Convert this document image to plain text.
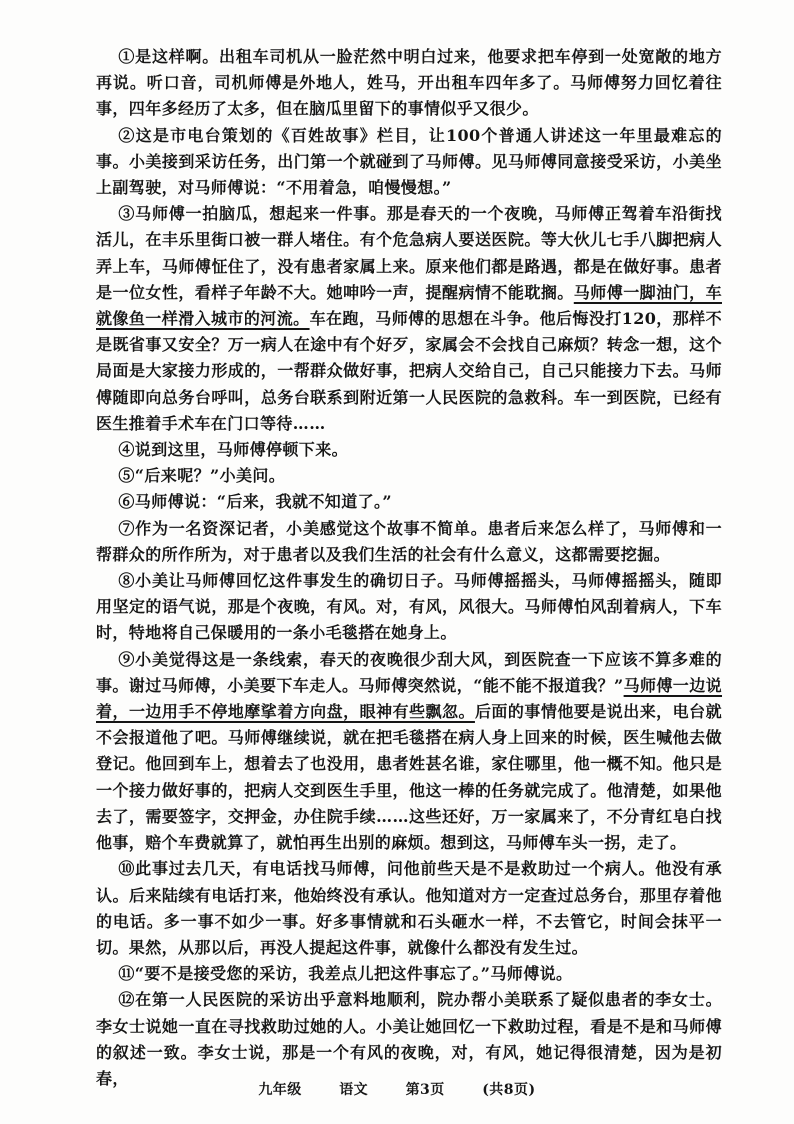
①是这样啊。出租车司机从一脸茫然中明白过来，他要求把车停到一处宽敞的地方再说。听口音，司机师傅是外地人，姓马，开出租车四年多了。马师傅努力回忆着往事，四年多经历了太多，但在脑瓜里留下的事情似乎又很少。

②这是市电台策划的《百姓故事》栏目，让100个普通人讲述这一年里最难忘的事。小美接到采访任务，出门第一个就碰到了马师傅。见马师傅同意接受采访，小美坐上副驾驶，对马师傅说：“不用着急，咱慢慢想。”

③马师傅一拍脑瓜，想起来一件事。那是春天的一个夜晚，马师傅正驾着车沿街找活儿，在丰乐里街口被一群人堵住。有个危急病人要送医院。等大伙儿七手八脚把病人弄上车，马师傅怔住了，没有患者家属上来。原来他们都是路遇，都是在做好事。患者是一位女性，看样子年龄不大。她呻吟一声，提醒病情不能耽搁。马师傅一脚油门，车就像鱼一样滑入城市的河流。车在跑，马师傅的思想在斗争。他后悔没打120，那样不是既省事又安全？万一病人在途中有个好歹，家属会不会找自己麻烦？转念一想，这个局面是大家接力形成的，一帮群众做好事，把病人交给自己，自己只能接力下去。马师傅随即向总务台呼叫，总务台联系到附近第一人民医院的急救科。车一到医院，已经有医生推着手术车在门口等待……

④说到这里，马师傅停顿下来。

⑤“后来呢？”小美问。

⑥马师傅说：“后来，我就不知道了。”

⑦作为一名资深记者，小美感觉这个故事不简单。患者后来怎么样了，马师傅和一帮群众的所作所为，对于患者以及我们生活的社会有什么意义，这都需要挖掘。

⑧小美让马师傅回忆这件事发生的确切日子。马师傅摇摇头，马师傅摇摇头，随即用坚定的语气说，那是个夜晚，有风。对，有风，风很大。马师傅怕风刮着病人，下车时，特地将自己保暖用的一条小毛毯搭在她身上。

⑨小美觉得这是一条线索，春天的夜晚很少刮大风，到医院查一下应该不算多难的事。谢过马师傅，小美要下车走人。马师傅突然说，“能不能不报道我？”马师傅一边说着，一边用手不停地摩挲着方向盘，眼神有些飘忽。后面的事情他要是说出来，电台就不会报道他了吧。马师傅继续说，就在把毛毯搭在病人身上回来的时候，医生喊他去做登记。他回到车上，想着去了也没用，患者姓甚名谁，家住哪里，他一概不知。他只是一个接力做好事的，把病人交到医生手里，他这一棒的任务就完成了。他清楚，如果他去了，需要签字，交押金，办住院手续……这些还好，万一家属来了，不分青红皂白找他事，赔个车费就算了，就怕再生出别的麻烦。想到这，马师傅车头一拐，走了。

⑩此事过去几天，有电话找马师傅，问他前些天是不是救助过一个病人。他没有承认。后来陆续有电话打来，他始终没有承认。他知道对方一定查过总务台，那里存着他的电话。多一事不如少一事。好多事情就和石头砸水一样，不去管它，时间会抹平一切。果然，从那以后，再没人提起这件事，就像什么都没有发生过。

⑪“要不是接受您的采访，我差点儿把这件事忘了。”马师傅说。

⑫在第一人民医院的采访出乎意料地顺利，院办帮小美联系了疑似患者的李女士。李女士说她一直在寻找救助过她的人。小美让她回忆一下救助过程，看是不是和马师傅的叙述一致。李女士说，那是一个有风的夜晚，对，有风，她记得很清楚，因为是初春，

九年级	语文	第3页	(共8页)
